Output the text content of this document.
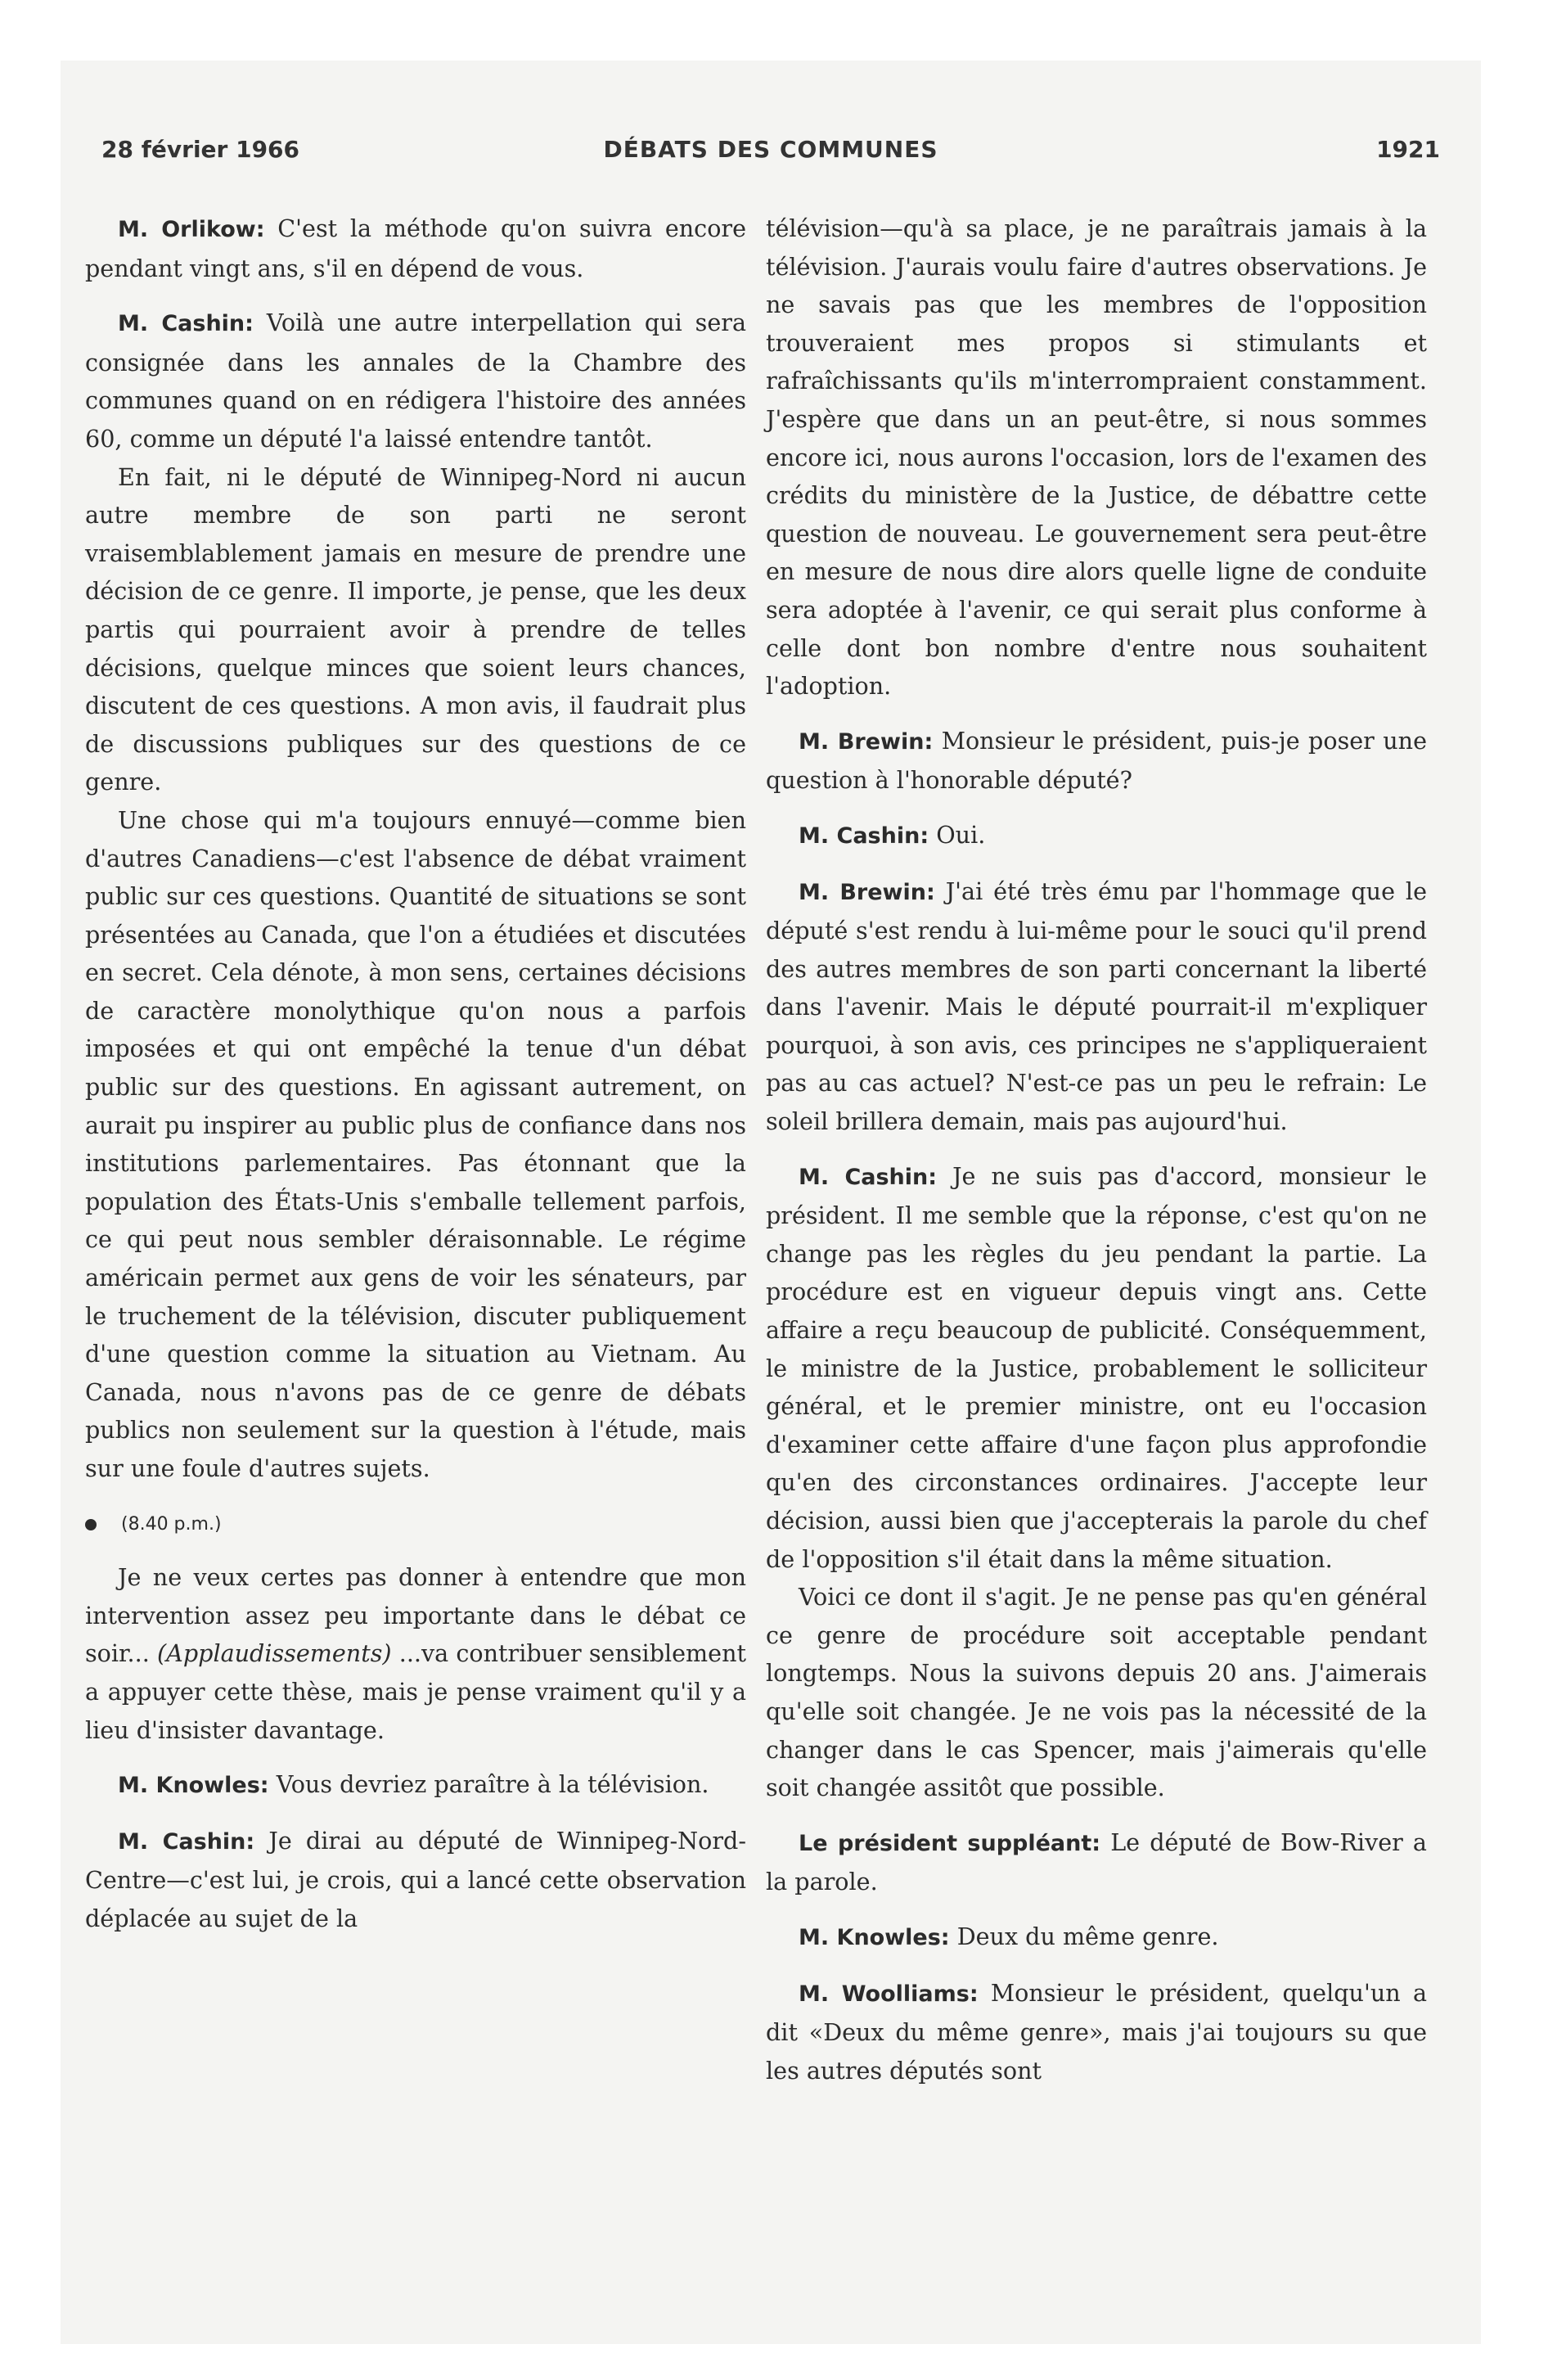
28 février 1966	DÉBATS DES COMMUNES	1921

M. Orlikow: C'est la méthode qu'on suivra encore pendant vingt ans, s'il en dépend de vous.

M. Cashin: Voilà une autre interpellation qui sera consignée dans les annales de la Chambre des communes quand on en rédigera l'histoire des années 60, comme un député l'a laissé entendre tantôt.

En fait, ni le député de Winnipeg-Nord ni aucun autre membre de son parti ne seront vraisemblablement jamais en mesure de prendre une décision de ce genre. Il importe, je pense, que les deux partis qui pourraient avoir à prendre de telles décisions, quelque minces que soient leurs chances, discutent de ces questions. A mon avis, il faudrait plus de discussions publiques sur des questions de ce genre.

Une chose qui m'a toujours ennuyé—comme bien d'autres Canadiens—c'est l'absence de débat vraiment public sur ces questions. Quantité de situations se sont présentées au Canada, que l'on a étudiées et discutées en secret. Cela dénote, à mon sens, certaines décisions de caractère monolythique qu'on nous a parfois imposées et qui ont empêché la tenue d'un débat public sur des questions. En agissant autrement, on aurait pu inspirer au public plus de confiance dans nos institutions parlementaires. Pas étonnant que la population des États-Unis s'emballe tellement parfois, ce qui peut nous sembler déraisonnable. Le régime américain permet aux gens de voir les sénateurs, par le truchement de la télévision, discuter publiquement d'une question comme la situation au Vietnam. Au Canada, nous n'avons pas de ce genre de débats publics non seulement sur la question à l'étude, mais sur une foule d'autres sujets.

(8.40 p.m.)

Je ne veux certes pas donner à entendre que mon intervention assez peu importante dans le débat ce soir... (Applaudissements) ...va contribuer sensiblement a appuyer cette thèse, mais je pense vraiment qu'il y a lieu d'insister davantage.

M. Knowles: Vous devriez paraître à la télévision.

M. Cashin: Je dirai au député de Winnipeg-Nord-Centre—c'est lui, je crois, qui a lancé cette observation déplacée au sujet de la

télévision—qu'à sa place, je ne paraîtrais jamais à la télévision. J'aurais voulu faire d'autres observations. Je ne savais pas que les membres de l'opposition trouveraient mes propos si stimulants et rafraîchissants qu'ils m'interrompraient constamment. J'espère que dans un an peut-être, si nous sommes encore ici, nous aurons l'occasion, lors de l'examen des crédits du ministère de la Justice, de débattre cette question de nouveau. Le gouvernement sera peut-être en mesure de nous dire alors quelle ligne de conduite sera adoptée à l'avenir, ce qui serait plus conforme à celle dont bon nombre d'entre nous souhaitent l'adoption.

M. Brewin: Monsieur le président, puis-je poser une question à l'honorable député?

M. Cashin: Oui.

M. Brewin: J'ai été très ému par l'hommage que le député s'est rendu à lui-même pour le souci qu'il prend des autres membres de son parti concernant la liberté dans l'avenir. Mais le député pourrait-il m'expliquer pourquoi, à son avis, ces principes ne s'appliqueraient pas au cas actuel? N'est-ce pas un peu le refrain: Le soleil brillera demain, mais pas aujourd'hui.

M. Cashin: Je ne suis pas d'accord, monsieur le président. Il me semble que la réponse, c'est qu'on ne change pas les règles du jeu pendant la partie. La procédure est en vigueur depuis vingt ans. Cette affaire a reçu beaucoup de publicité. Conséquemment, le ministre de la Justice, probablement le solliciteur général, et le premier ministre, ont eu l'occasion d'examiner cette affaire d'une façon plus approfondie qu'en des circonstances ordinaires. J'accepte leur décision, aussi bien que j'accepterais la parole du chef de l'opposition s'il était dans la même situation.

Voici ce dont il s'agit. Je ne pense pas qu'en général ce genre de procédure soit acceptable pendant longtemps. Nous la suivons depuis 20 ans. J'aimerais qu'elle soit changée. Je ne vois pas la nécessité de la changer dans le cas Spencer, mais j'aimerais qu'elle soit changée assitôt que possible.

Le président suppléant: Le député de Bow-River a la parole.

M. Knowles: Deux du même genre.

M. Woolliams: Monsieur le président, quelqu'un a dit «Deux du même genre», mais j'ai toujours su que les autres députés sont
